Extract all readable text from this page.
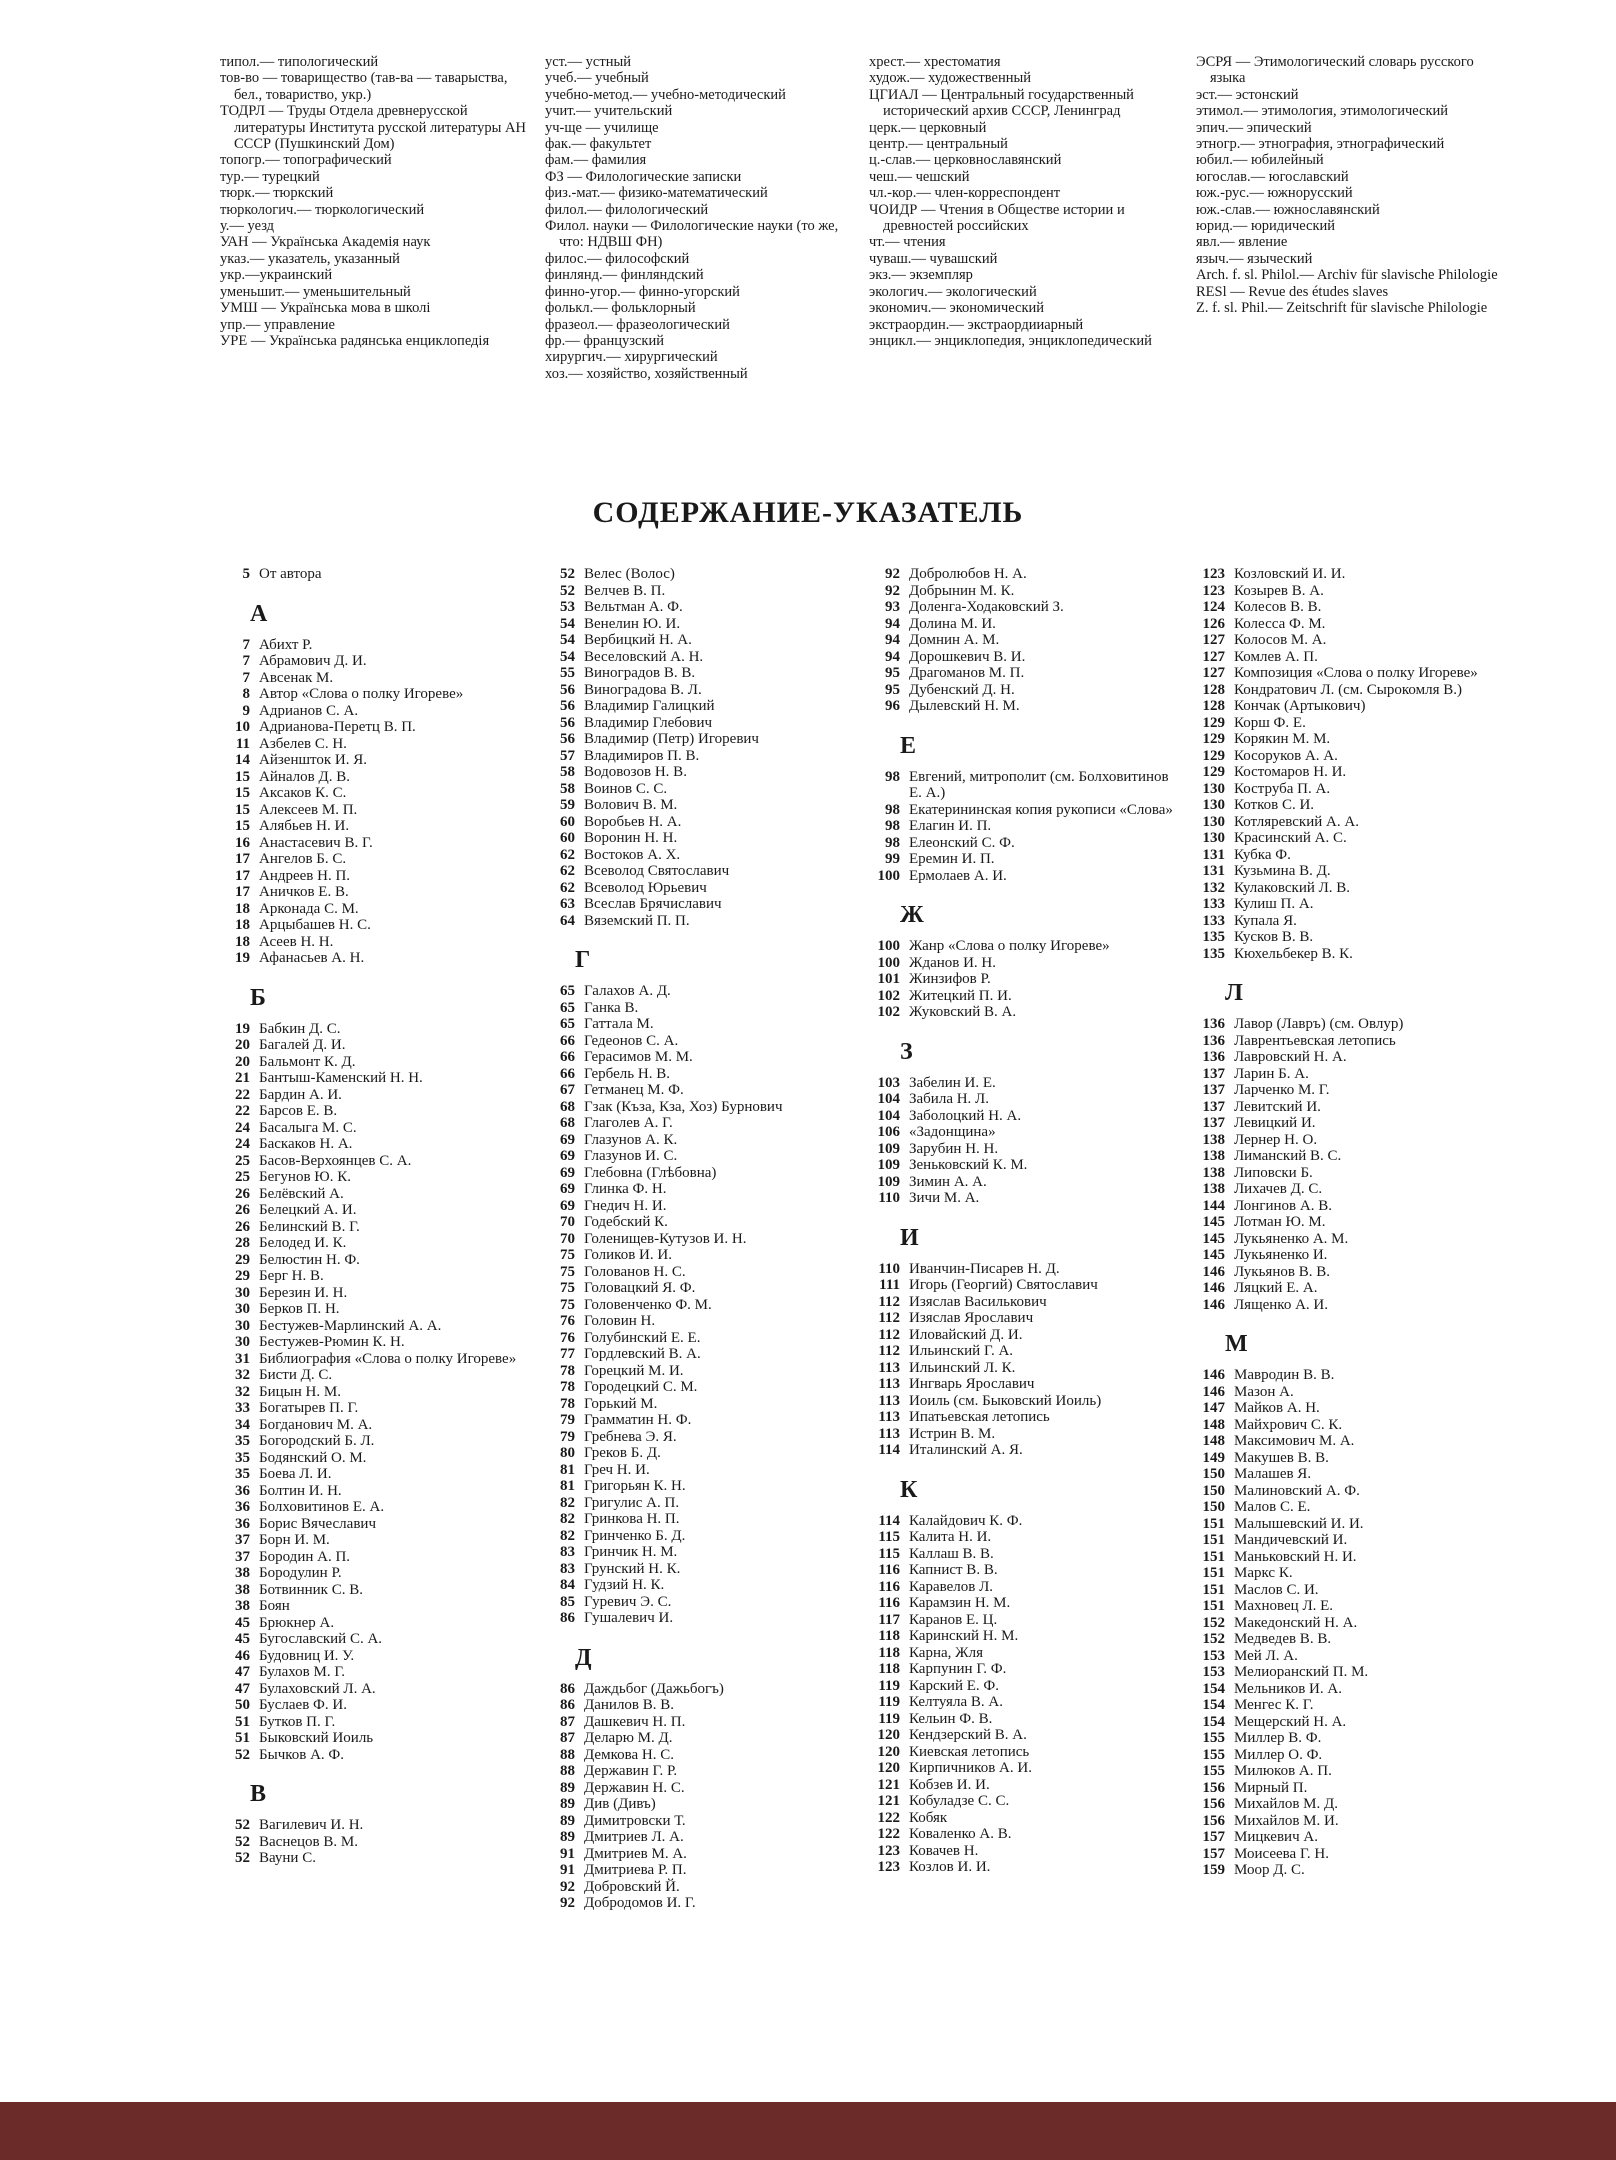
типол.— типологический
тов-во — товарищество (тав-ва — таварыства, бел., товариство, укр.)
ТОДРЛ — Труды Отдела древнерусской литературы Института русской литературы АН СССР (Пушкинский Дом)
топогр.— топографический
тур.— турецкий
тюрк.— тюркский
тюркологич.— тюркологический
у.— уезд
УАН — Українська Академія наук
указ.— указатель, указанный
укр.—украинский
уменьшит.— уменьшительный
УМШ — Українська мова в школі
упр.— управление
УРЕ — Українська радянська енциклопедія
уст.— устный
учеб.— учебный
учебно-метод.— учебно-методический
учит.— учительский
уч-ще — училище
фак.— факультет
фам.— фамилия
ФЗ — Филологические записки
физ.-мат.— физико-математический
филол.— филологический
Филол. науки — Филологические науки (то же, что: НДВШ ФН)
филос.— философский
финлянд.— финляндский
финно-угор.— финно-угорский
фолькл.— фольклорный
фразеол.— фразеологический
фр.— французский
хирургич.— хирургический
хоз.— хозяйство, хозяйственный
хрест.— хрестоматия
худож.— художественный
ЦГИАЛ — Центральный государственный исторический архив СССР, Ленинград
церк.— церковный
центр.— центральный
ц.-слав.— церковнославянский
чеш.— чешский
чл.-кор.— член-корреспондент
ЧОИДР — Чтения в Обществе истории и древностей российских
чт.— чтения
чуваш.— чувашский
экз.— экземпляр
экологич.— экологический
экономич.— экономический
экстраордин.— экстраордииарный
энцикл.— энциклопедия, энциклопедический
ЭСРЯ — Этимологический словарь русского языка
эст.— эстонский
этимол.— этимология, этимологический
эпич.— эпический
этногр.— этнография, этнографический
юбил.— юбилейный
югослав.— югославский
юж.-рус.— южнорусский
юж.-слав.— южнославянский
юрид.— юридический
явл.— явление
языч.— языческий
Arch. f. sl. Philol.— Archiv für slavische Philologie
RESl — Revue des études slaves
Z. f. sl. Phil.— Zeitschrift für slavische Philologie
СОДЕРЖАНИЕ-УКАЗАТЕЛЬ
5 От автора
А
7 Абихт Р.
7 Абрамович Д. И.
7 Авсенак М.
8 Автор «Слова о полку Игореве»
9 Адрианов С. А.
10 Адрианова-Перетц В. П.
11 Азбелев С. Н.
14 Айзеншток И. Я.
15 Айналов Д. В.
15 Аксаков К. С.
15 Алексеев М. П.
15 Алябьев Н. И.
16 Анастасевич В. Г.
17 Ангелов Б. С.
17 Андреев Н. П.
17 Аничков Е. В.
18 Арконада С. М.
18 Арцыбашев Н. С.
18 Асеев Н. Н.
19 Афанасьев А. Н.
Б
19 Бабкин Д. С.
20 Багалей Д. И.
20 Бальмонт К. Д.
21 Бантыш-Каменский Н. Н.
22 Бардин А. И.
22 Барсов Е. В.
24 Басалыга М. С.
24 Баскаков Н. А.
25 Басов-Верхоянцев С. А.
25 Бегунов Ю. К.
26 Белёвский А.
26 Белецкий А. И.
26 Белинский В. Г.
28 Белодед И. К.
29 Белюстин Н. Ф.
29 Берг Н. В.
30 Березин И. Н.
30 Берков П. Н.
30 Бестужев-Марлинский А. А.
30 Бестужев-Рюмин К. Н.
31 Библиография «Слова о полку Игореве»
32 Бисти Д. С.
32 Бицын Н. М.
33 Богатырев П. Г.
34 Богданович М. А.
35 Богородский Б. Л.
35 Бодянский О. М.
35 Боева Л. И.
36 Болтин И. Н.
36 Болховитинов Е. А.
36 Борис Вячеславич
37 Борн И. М.
37 Бородин А. П.
38 Бородулин Р.
38 Ботвинник С. В.
38 Боян
45 Брюкнер А.
45 Бугославский С. А.
46 Будовниц И. У.
47 Булахов М. Г.
47 Булаховский Л. А.
50 Буслаев Ф. И.
51 Бутков П. Г.
51 Быковский Иоиль
52 Бычков А. Ф.
В
52 Вагилевич И. Н.
52 Васнецов В. М.
52 Вауни С.
52 Велес (Волос)
52 Велчев В. П.
53 Вельтман А. Ф.
54 Венелин Ю. И.
54 Вербицкий Н. А.
54 Веселовский А. Н.
55 Виноградов В. В.
56 Виноградова В. Л.
56 Владимир Галицкий
56 Владимир Глебович
56 Владимир (Петр) Игоревич
57 Владимиров П. В.
58 Водовозов Н. В.
58 Воинов С. С.
59 Волович В. М.
60 Воробьев Н. А.
60 Воронин Н. Н.
62 Востоков А. Х.
62 Всеволод Святославич
62 Всеволод Юрьевич
63 Всеслав Брячиславич
64 Вяземский П. П.
Г
65 Галахов А. Д.
65 Ганка В.
65 Гаттала М.
66 Гедеонов С. А.
66 Герасимов М. М.
66 Гербель Н. В.
67 Гетманец М. Ф.
68 Гзак (Къза, Кза, Хоз) Бурнович
68 Глаголев А. Г.
69 Глазунов А. К.
69 Глазунов И. С.
69 Глебовна (Глѣбовна)
69 Глинка Ф. Н.
69 Гнедич Н. И.
70 Годебский К.
70 Голенищев-Кутузов И. Н.
75 Голиков И. И.
75 Голованов Н. С.
75 Головацкий Я. Ф.
75 Головенченко Ф. М.
76 Головин Н.
76 Голубинский Е. Е.
77 Гордлевский В. А.
78 Горецкий М. И.
78 Городецкий С. М.
78 Горький М.
79 Грамматин Н. Ф.
79 Гребнева Э. Я.
80 Греков Б. Д.
81 Греч Н. И.
81 Григорьян К. Н.
82 Григулис А. П.
82 Гринкова Н. П.
82 Гринченко Б. Д.
83 Гринчик Н. М.
83 Грунский Н. К.
84 Гудзий Н. К.
85 Гуревич Э. С.
86 Гушалевич И.
Д
86 Даждьбог (Дажьбогъ)
86 Данилов В. В.
87 Дашкевич Н. П.
87 Деларю М. Д.
88 Демкова Н. С.
88 Державин Г. Р.
89 Державин Н. С.
89 Див (Дивъ)
89 Димитровски Т.
89 Дмитриев Л. А.
91 Дмитриев М. А.
91 Дмитриева Р. П.
92 Добровский Й.
92 Добродомов И. Г.
92 Добролюбов Н. А.
92 Добрынин М. К.
93 Доленга-Ходаковский З.
94 Долина М. И.
94 Домнин А. М.
94 Дорошкевич В. И.
95 Драгоманов М. П.
95 Дубенский Д. Н.
96 Дылевский Н. М.
Е
98 Евгений, митрополит (см. Болховитинов Е. А.)
98 Екатерининская копия рукописи «Слова»
98 Елагин И. П.
98 Елеонский С. Ф.
99 Еремин И. П.
100 Ермолаев А. И.
Ж
100 Жанр «Слова о полку Игореве»
100 Жданов И. Н.
101 Жинзифов Р.
102 Житецкий П. И.
102 Жуковский В. А.
З
103 Забелин И. Е.
104 Забила Н. Л.
104 Заболоцкий Н. А.
106 «Задонщина»
109 Зарубин Н. Н.
109 Зеньковский К. М.
109 Зимин А. А.
110 Зичи М. А.
И
110 Иванчин-Писарев Н. Д.
111 Игорь (Георгий) Святославич
112 Изяслав Василькович
112 Изяслав Ярославич
112 Иловайский Д. И.
112 Ильинский Г. А.
113 Ильинский Л. К.
113 Ингварь Ярославич
113 Иоиль (см. Быковский Иоиль)
113 Ипатьевская летопись
113 Истрин В. М.
114 Италинский А. Я.
К
114 Калайдович К. Ф.
115 Калита Н. И.
115 Каллаш В. В.
116 Капнист В. В.
116 Каравелов Л.
116 Карамзин Н. М.
117 Каранов Е. Ц.
118 Каринский Н. М.
118 Карна, Жля
118 Карпунин Г. Ф.
119 Карский Е. Ф.
119 Келтуяла В. А.
119 Кельин Ф. В.
120 Кендзерский В. А.
120 Киевская летопись
120 Кирпичников А. И.
121 Кобзев И. И.
121 Кобуладзе С. С.
122 Кобяк
122 Коваленко А. В.
123 Ковачев Н.
123 Козлов И. И.
123 Козловский И. И.
123 Козырев В. А.
124 Колесов В. В.
126 Колесса Ф. М.
127 Колосов М. А.
127 Комлев А. П.
127 Композиция «Слова о полку Игореве»
128 Кондратович Л. (см. Сырокомля В.)
128 Кончак (Артыкович)
129 Корш Ф. Е.
129 Корякин М. М.
129 Косоруков А. А.
129 Костомаров Н. И.
130 Коструба П. А.
130 Котков С. И.
130 Котляревский А. А.
130 Красинский А. С.
131 Кубка Ф.
131 Кузьмина В. Д.
132 Кулаковский Л. В.
133 Кулиш П. А.
133 Купала Я.
135 Кусков В. В.
135 Кюхельбекер В. К.
Л
136 Лавор (Лавръ) (см. Овлур)
136 Лаврентьевская летопись
136 Лавровский Н. А.
137 Ларин Б. А.
137 Ларченко М. Г.
137 Левитский И.
137 Левицкий И.
138 Лернер Н. О.
138 Лиманский В. С.
138 Липовски Б.
138 Лихачев Д. С.
144 Лонгинов А. В.
145 Лотман Ю. М.
145 Лукьяненко А. М.
145 Лукьяненко И.
146 Лукьянов В. В.
146 Ляцкий Е. А.
146 Лященко А. И.
М
146 Мавродин В. В.
146 Мазон А.
147 Майков А. Н.
148 Майхрович С. К.
148 Максимович М. А.
149 Макушев В. В.
150 Малашев Я.
150 Малиновский А. Ф.
150 Малов С. Е.
151 Малышевский И. И.
151 Мандичевский И.
151 Маньковский Н. И.
151 Маркс К.
151 Маслов С. И.
151 Махновец Л. Е.
152 Македонский Н. А.
152 Медведев В. В.
153 Мей Л. А.
153 Мелиоранский П. М.
154 Мельников И. А.
154 Менгес К. Г.
154 Мещерский Н. А.
155 Миллер В. Ф.
155 Миллер О. Ф.
155 Милюков А. П.
156 Мирный П.
156 Михайлов М. Д.
156 Михайлов М. И.
157 Мицкевич А.
157 Моисеева Г. Н.
159 Моор Д. С.
